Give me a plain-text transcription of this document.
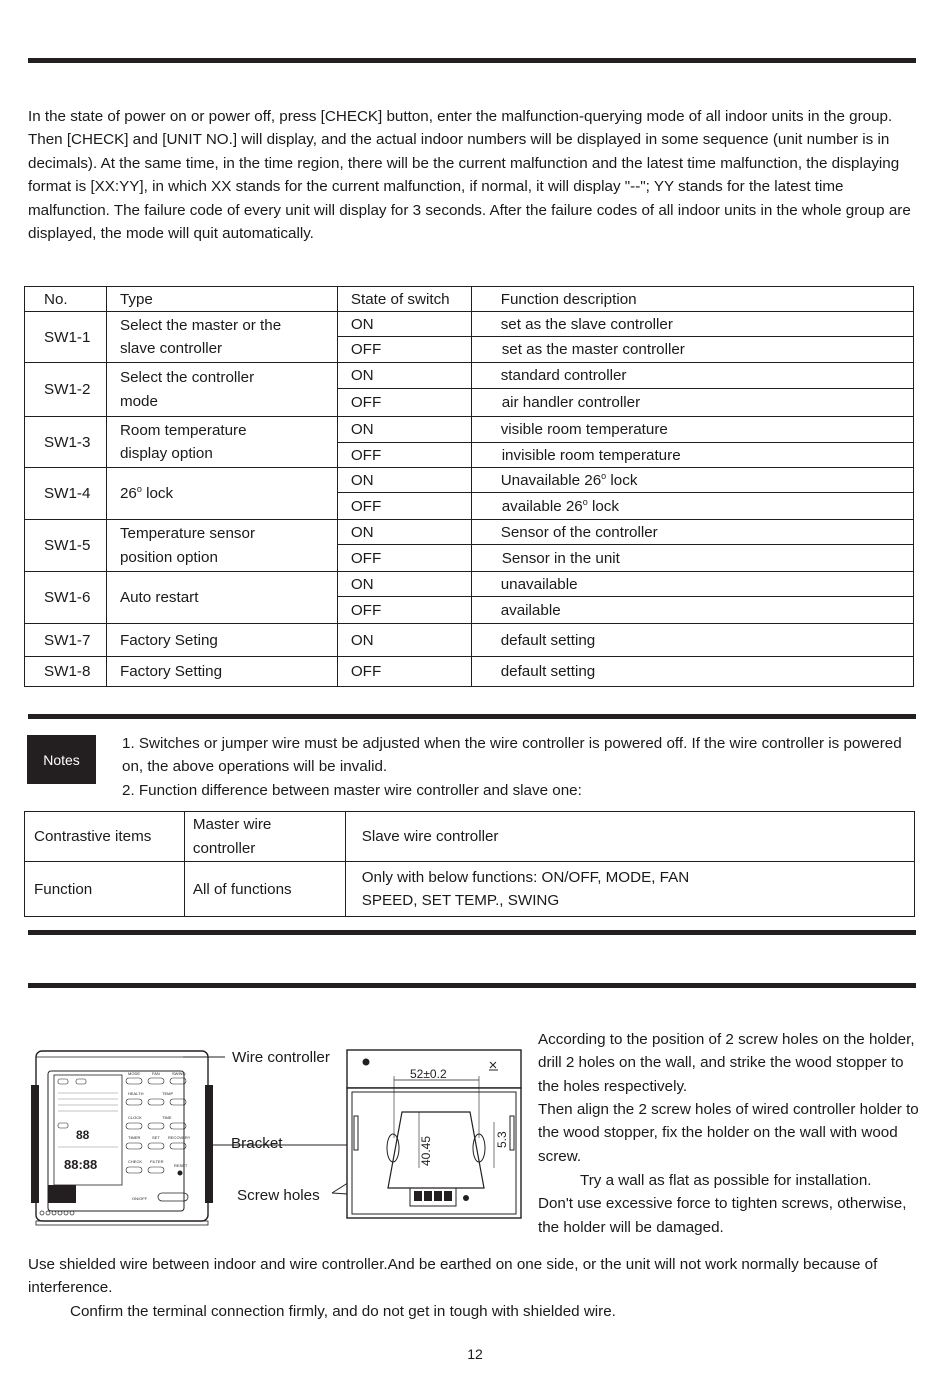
In the state of power on or power off, press [CHECK] button, enter the malfunction-querying mode of all indoor units in the group. Then [CHECK] and [UNIT NO.] will display, and the actual indoor numbers will be displayed in some sequence (unit number is in decimals). At the same time, in the time region, there will be the current malfunction and the latest time malfunction, the displaying format is [XX:YY], in which XX stands for the current malfunction, if normal, it will display "--"; YY stands for the latest time malfunction. The failure code of every unit will display for 3 seconds. After the failure codes of all indoor units in the whole group are displayed, the mode will quit automatically.

No.	Type	State of switch	Function description

SW1-1	Select the master or the slave controller	ON	set as the slave controller

		OFF	set as the master controller

SW1-2	Select the controller mode	ON	standard controller

		OFF	air handler controller

SW1-3	Room temperature display option	ON	visible room temperature

		OFF	invisible room temperature

SW1-4	26$^o$ lock	ON	Unavailable 26$^o$ lock

		OFF	available 26$^o$ lock

SW1-5	Temperature sensor position option	ON	Sensor of the controller

		OFF	Sensor in the unit

SW1-6	Auto restart	ON	unavailable

		OFF	available

SW1-7	Factory Seting	ON	default setting

SW1-8	Factory Setting	OFF	default setting
Notes

1. Switches or jumper wire must be adjusted when the wire controller is powered off. If the wire controller is powered on, the above operations will be invalid.

2. Function difference between master wire controller and slave one:

Contrastive items	Master wire controller	Slave wire controller

Function	All of functions	Only with below functions: ON/OFF, MODE, FAN SPEED, SET TEMP., SWING
88
88:88
MODE	FAN	SWING
HEALTH	TEMP
CLOCK	TIME
TIMER	SET RECOVERY
CHECK FILTER
RESET
ON/OFF
Wire controller
Bracket
Screw holes
52±0.2
40.45	5.3

According to the position of 2 screw holes on the holder, drill 2 holes on the wall, and strike the wood stopper to the holes respectively.

Then align the 2 screw holes of wired controller holder to the wood stopper, fix the holder on the wall with wood screw.

Try a wall as flat as possible for installation. Don't use excessive force to tighten screws, otherwise, the holder will be damaged.

Use shielded wire between indoor and wire controller.And be earthed on one side, or the unit will not work normally because of interference.

Confirm the terminal connection firmly, and do not get in tough with shielded wire.

12
